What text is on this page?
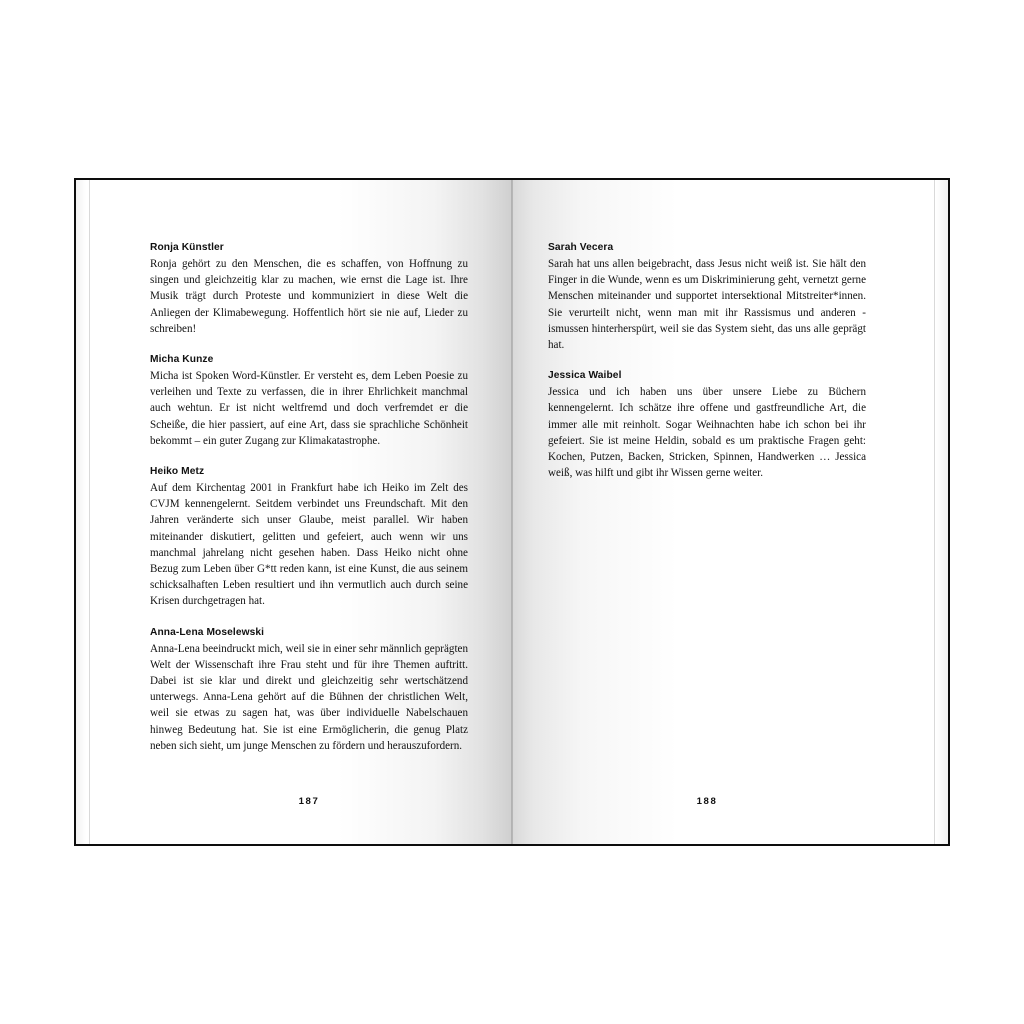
Ronja Künstler

Ronja gehört zu den Menschen, die es schaffen, von Hoffnung zu singen und gleichzeitig klar zu machen, wie ernst die Lage ist. Ihre Musik trägt durch Proteste und kommuniziert in diese Welt die Anliegen der Klimabewegung. Hoffentlich hört sie nie auf, Lieder zu schreiben!

Micha Kunze

Micha ist Spoken Word-Künstler. Er versteht es, dem Leben Poesie zu verleihen und Texte zu verfassen, die in ihrer Ehrlichkeit manchmal auch wehtun. Er ist nicht weltfremd und doch verfremdet er die Scheiße, die hier passiert, auf eine Art, dass sie sprachliche Schönheit bekommt – ein guter Zugang zur Klimakatastrophe.

Heiko Metz

Auf dem Kirchentag 2001 in Frankfurt habe ich Heiko im Zelt des CVJM kennengelernt. Seitdem verbindet uns Freundschaft. Mit den Jahren veränderte sich unser Glaube, meist parallel. Wir haben miteinander diskutiert, gelitten und gefeiert, auch wenn wir uns manchmal jahrelang nicht gesehen haben. Dass Heiko nicht ohne Bezug zum Leben über G*tt reden kann, ist eine Kunst, die aus seinem schicksalhaften Leben resultiert und ihn vermutlich auch durch seine Krisen durchgetragen hat.

Anna-Lena Moselewski

Anna-Lena beeindruckt mich, weil sie in einer sehr männlich geprägten Welt der Wissenschaft ihre Frau steht und für ihre Themen auftritt. Dabei ist sie klar und direkt und gleichzeitig sehr wertschätzend unterwegs. Anna-Lena gehört auf die Bühnen der christlichen Welt, weil sie etwas zu sagen hat, was über individuelle Nabelschauen hinweg Bedeutung hat. Sie ist eine Ermöglicherin, die genug Platz neben sich sieht, um junge Menschen zu fördern und herauszufordern.

187

Sarah Vecera

Sarah hat uns allen beigebracht, dass Jesus nicht weiß ist. Sie hält den Finger in die Wunde, wenn es um Diskriminierung geht, vernetzt gerne Menschen miteinander und supportet intersektional Mitstreiter*innen. Sie verurteilt nicht, wenn man mit ihr Rassismus und anderen -ismussen hinterherspürt, weil sie das System sieht, das uns alle geprägt hat.

Jessica Waibel

Jessica und ich haben uns über unsere Liebe zu Büchern kennengelernt. Ich schätze ihre offene und gastfreundliche Art, die immer alle mit reinholt. Sogar Weihnachten habe ich schon bei ihr gefeiert. Sie ist meine Heldin, sobald es um praktische Fragen geht: Kochen, Putzen, Backen, Stricken, Spinnen, Handwerken … Jessica weiß, was hilft und gibt ihr Wissen gerne weiter.

188
